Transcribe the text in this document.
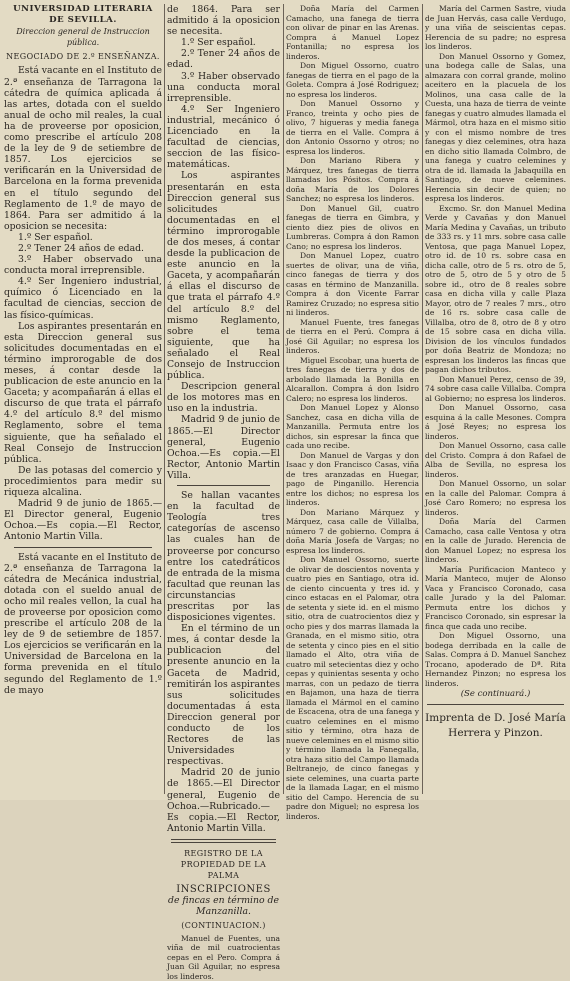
UNIVERSIDAD LITERARIA DE SEVILLA.

Direccion general de Instruccion pública.

NEGOCIADO DE 2.º ENSEÑANZA.

Está vacante en el Instituto de 2.ª enseñanza de Tarragona la cátedra de química aplicada á las artes, dotada con el sueldo anual de ocho mil reales, la cual ha de proveerse por oposicion, como prescribe el artículo 208 de la ley de 9 de setiembre de 1857. Los ejercicios se verificarán en la Universidad de Barcelona en la forma prevenida en el título segundo del Reglamento de 1.º de mayo de 1864. Para ser admitido á la oposicion se necesita:

1.º Ser español.

2.º Tener 24 años de edad.

3.º Haber observado una conducta moral irreprensible.

4.º Ser Ingeniero industrial, químico ó Licenciado en la facultad de ciencias, seccion de las físico-químicas.

Los aspirantes presentarán en esta Direccion general sus solicitudes documentadas en el término improrogable de dos meses, á contar desde la publicacion de este anuncio en la Gaceta; y acompañarán á ellas el discurso de que trata el párrafo 4.º del artículo 8.º del mismo Reglamento, sobre el tema siguiente, que ha señalado el Real Consejo de Instruccion pública.

De las potasas del comercio y procedimientos para medir su riqueza alcalina.

Madrid 9 de junio de 1865.—El Director general, Eugenio Ochoa.—Es copia.—El Rector, Antonio Martin Villa.

Está vacante en el Instituto de 2.ª enseñanza de Tarragona la cátedra de Mecánica industrial, dotada con el sueldo anual de ocho mil reales vellon, la cual ha de proveerse por oposicion como prescribe el artículo 208 de la ley de 9 de setiembre de 1857. Los ejercicios se verificarán en la Universidad de Barcelona en la forma prevenida en el título segundo del Reglamento de 1.º de mayo

de 1864. Para ser admitido á la oposicion se necesita.

1.º Ser español.

2.º Tener 24 años de edad.

3.º Haber observado una conducta moral irreprensible.

4.º Ser Ingeniero industrial, mecánico ó Licenciado en la facultad de ciencias, seccion de las físico-matemáticas.

Los aspirantes presentarán en esta Direccion general sus solicitudes documentadas en el término improrogable de dos meses, á contar desde la publicacion de este anuncio en la Gaceta, y acompañarán á ellas el discurso de que trata el párrafo 4.º del artículo 8.º del mismo Reglamento, sobre el tema siguiente, que ha señalado el Real Consejo de Instruccion pública.

Descripcion general de los motores mas en uso en la industria.

Madrid 9 de junio de 1865.—El Director general, Eugenio Ochoa.—Es copia.—El Rector, Antonio Martin Villa.

Se hallan vacantes en la facultad de Teología tres categorías de ascenso las cuales han de proveerse por concurso entre los catedráticos de entrada de la misma facultad que reunan las circunstancias prescritas por las disposiciones vigentes.

En el término de un mes, á contar desde la publicacion del presente anuncio en la Gaceta de Madrid, remitirán los aspirantes sus solicitudes documentadas á esta Direccion general por conducto de los Rectores de las Universidades respectivas.

Madrid 20 de junio de 1865.—El Director general, Eugenio de Ochoa.—Rubricado.—Es copia.—El Rector, Antonio Martin Villa.

REGISTRO DE LA PROPIEDAD DE LA PALMA

INSCRIPCIONES

de fincas en término de Manzanilla.

(CONTINUACION.)

Manuel de Fuentes, una viña de mil cuatrocientas cepas en el Pero. Compra á Juan Gil Aguilar, no espresa los linderos.

Doña María del Carmen Camacho, una fanega de tierra con olivar de pinar en las Arenas. Compra á Manuel Lopez Fontanilla; no espresa los linderos.

Don Miguel Ossorno, cuatro fanegas de tierra en el pago de la Goleta. Compra á José Rodriguez; no espresa los linderos.

Don Manuel Ossorno y Franco, treinta y ocho pies de olivo, 7 higueras y media fanega de tierra en el Valle. Compra á don Antonio Ossorno y otros; no espresa los linderos.

Don Mariano Ribera y Márquez, tres fanegas de tierra llamadas los Pósitos. Compra á doña María de los Dolores Sanchez; no espresa los linderos.

Don Manuel Gil, cuatro fanegas de tierra en Gimbra, y ciento diez pies de olivos en Lumbreras. Compra á don Ramon Cano; no espresa los linderos.

Don Manuel Lopez, cuatro suertes de olivar, una de viña, cinco fanegas de tierra y dos casas en término de Manzanilla. Compra á don Vicente Farrar Ramirez Cruzado; no espresa sitio ni linderos.

Manuel Fuente, tres fanegas de tierra en el Perú. Compra á José Gil Aguilar; no espresa los linderos.

Miguel Escobar, una huerta de tres fanegas de tierra y dos de arbolado llamada la Bonilla en Alcarallon. Compra á don Isidro Calero; no espresa los linderos.

Don Manuel Lopez y Alonso Sanchez, casa en dicha villa de Manzanilla. Permuta entre los dichos, sin espresar la finca que cada uno recibe.

Don Manuel de Vargas y don Isaac y don Francisco Casas, viña de tres aranzadas en Huegar, pago de Pinganillo. Herencia entre los dichos; no espresa los linderos.

Don Mariano Márquez y Márquez, casa calle de Villalba, número 7 de gobierno. Compra á doña María Josefa de Vargas; no espresa los linderos.

Don Manuel Ossorno, suerte de olivar de doscientos noventa y cuatro pies en Santiago, otra id. de ciento cincuenta y tres id. y cinco estacas en el Palomar, otra de setenta y siete id. en el mismo sitio, otra de cuatrocientos diez y ocho pies y dos marras llamada la Granada, en el mismo sitio, otra de setenta y cinco pies en el sitio llamado el Alto, otra viña de cuatro mil setecientas diez y ocho cepas y quinientas sesenta y ocho marras, con un pedazo de tierra en Bajamon, una haza de tierra llamada el Mármol en el camino de Escacena, otra de una fanega y cuatro celemines en el mismo sitio y término, otra haza de nueve celemines en el mismo sitio y término llamada la Fanegalla, otra haza sitio del Campo llamada Beltranejo, de cinco fanegas y siete celemines, una cuarta parte de la llamada Lagar, en el mismo sitio del Campo. Herencia de su padre don Miguel; no espresa los linderos.

María del Carmen Sastre, viuda de Juan Hervás, casa calle Verdugo, y una viña de seiscientas cepas. Herencia de su padre; no espresa los linderos.

Don Manuel Ossorno y Gomez, una bodega calle de Salas, una almazara con corral grande, molino aceitero en la placuela de los Molinos, una casa calle de la Cuesta, una haza de tierra de veinte fanegas y cuatro almudes llamada el Mármol, otra haza en el mismo sitio y con el mismo nombre de tres fanegas y diez celemines, otra haza en dicho sitio llamada Colmbro, de una fanega y cuatro celemines y otra de id. llamada la Jabaquilla en Santiago, de nueve celemines. Herencia sin decir de quien; no espresa los linderos.

Excmo. Sr. don Manuel Medina Verde y Cavañas y don Manuel María Medina y Cavañas, un tributo de 333 rs. y 11 mrs. sobre casa calle Ventosa, que paga Manuel Lopez, otro id. de 10 rs. sobre casa en dicha calle, otro de 5 rs. otro de 5, otro de 5, otro de 5 y otro de 5 sobre id., otro de 8 reales sobre casa en dicha villa y calle Plaza Mayor, otro de 7 reales 7 mrs., otro de 16 rs. sobre casa calle de Villalba, otro de 8, otro de 8 y otro de 15 sobre casa en dicha villa. Division de los vínculos fundados por doña Beatriz de Mondoza; no espresan los linderos las fincas que pagan dichos tributos.

Don Manuel Perez, censo de 39, 74 sobre casa calle Villalba. Compra al Gobierno; no espresa los linderos.

Don Manuel Ossorno, casa esquina á la calle Mesones. Compra á José Reyes; no espresa los linderos.

Don Manuel Ossorno, casa calle del Cristo. Compra á don Rafael de Alba de Sevilla, no espresa los linderos.

Don Manuel Ossorno, un solar en la calle del Palomar. Compra á José Caro Romero; no espresa los linderos.

Doña María del Carmen Camacho, casa calle Ventosa y otra en la calle de Jurado. Herencia de don Manuel Lopez; no espresa los linderos.

María Purificacion Manteco y María Manteco, mujer de Alonso Vaca y Francisco Coronado, casa calle Jurado y la del Palomar. Permuta entre los dichos y Francisco Coronado, sin espresar la finca que cada uno recibe.

Don Miguel Ossorno, una bodega derribada en la calle de Salas. Compra á D. Manuel Sanchez Trocano, apoderado de Dª. Rita Hernandez Pinzon; no espresa los linderos.

(Se continuará.)

Imprenta de D. José María Herrera y Pinzon.
